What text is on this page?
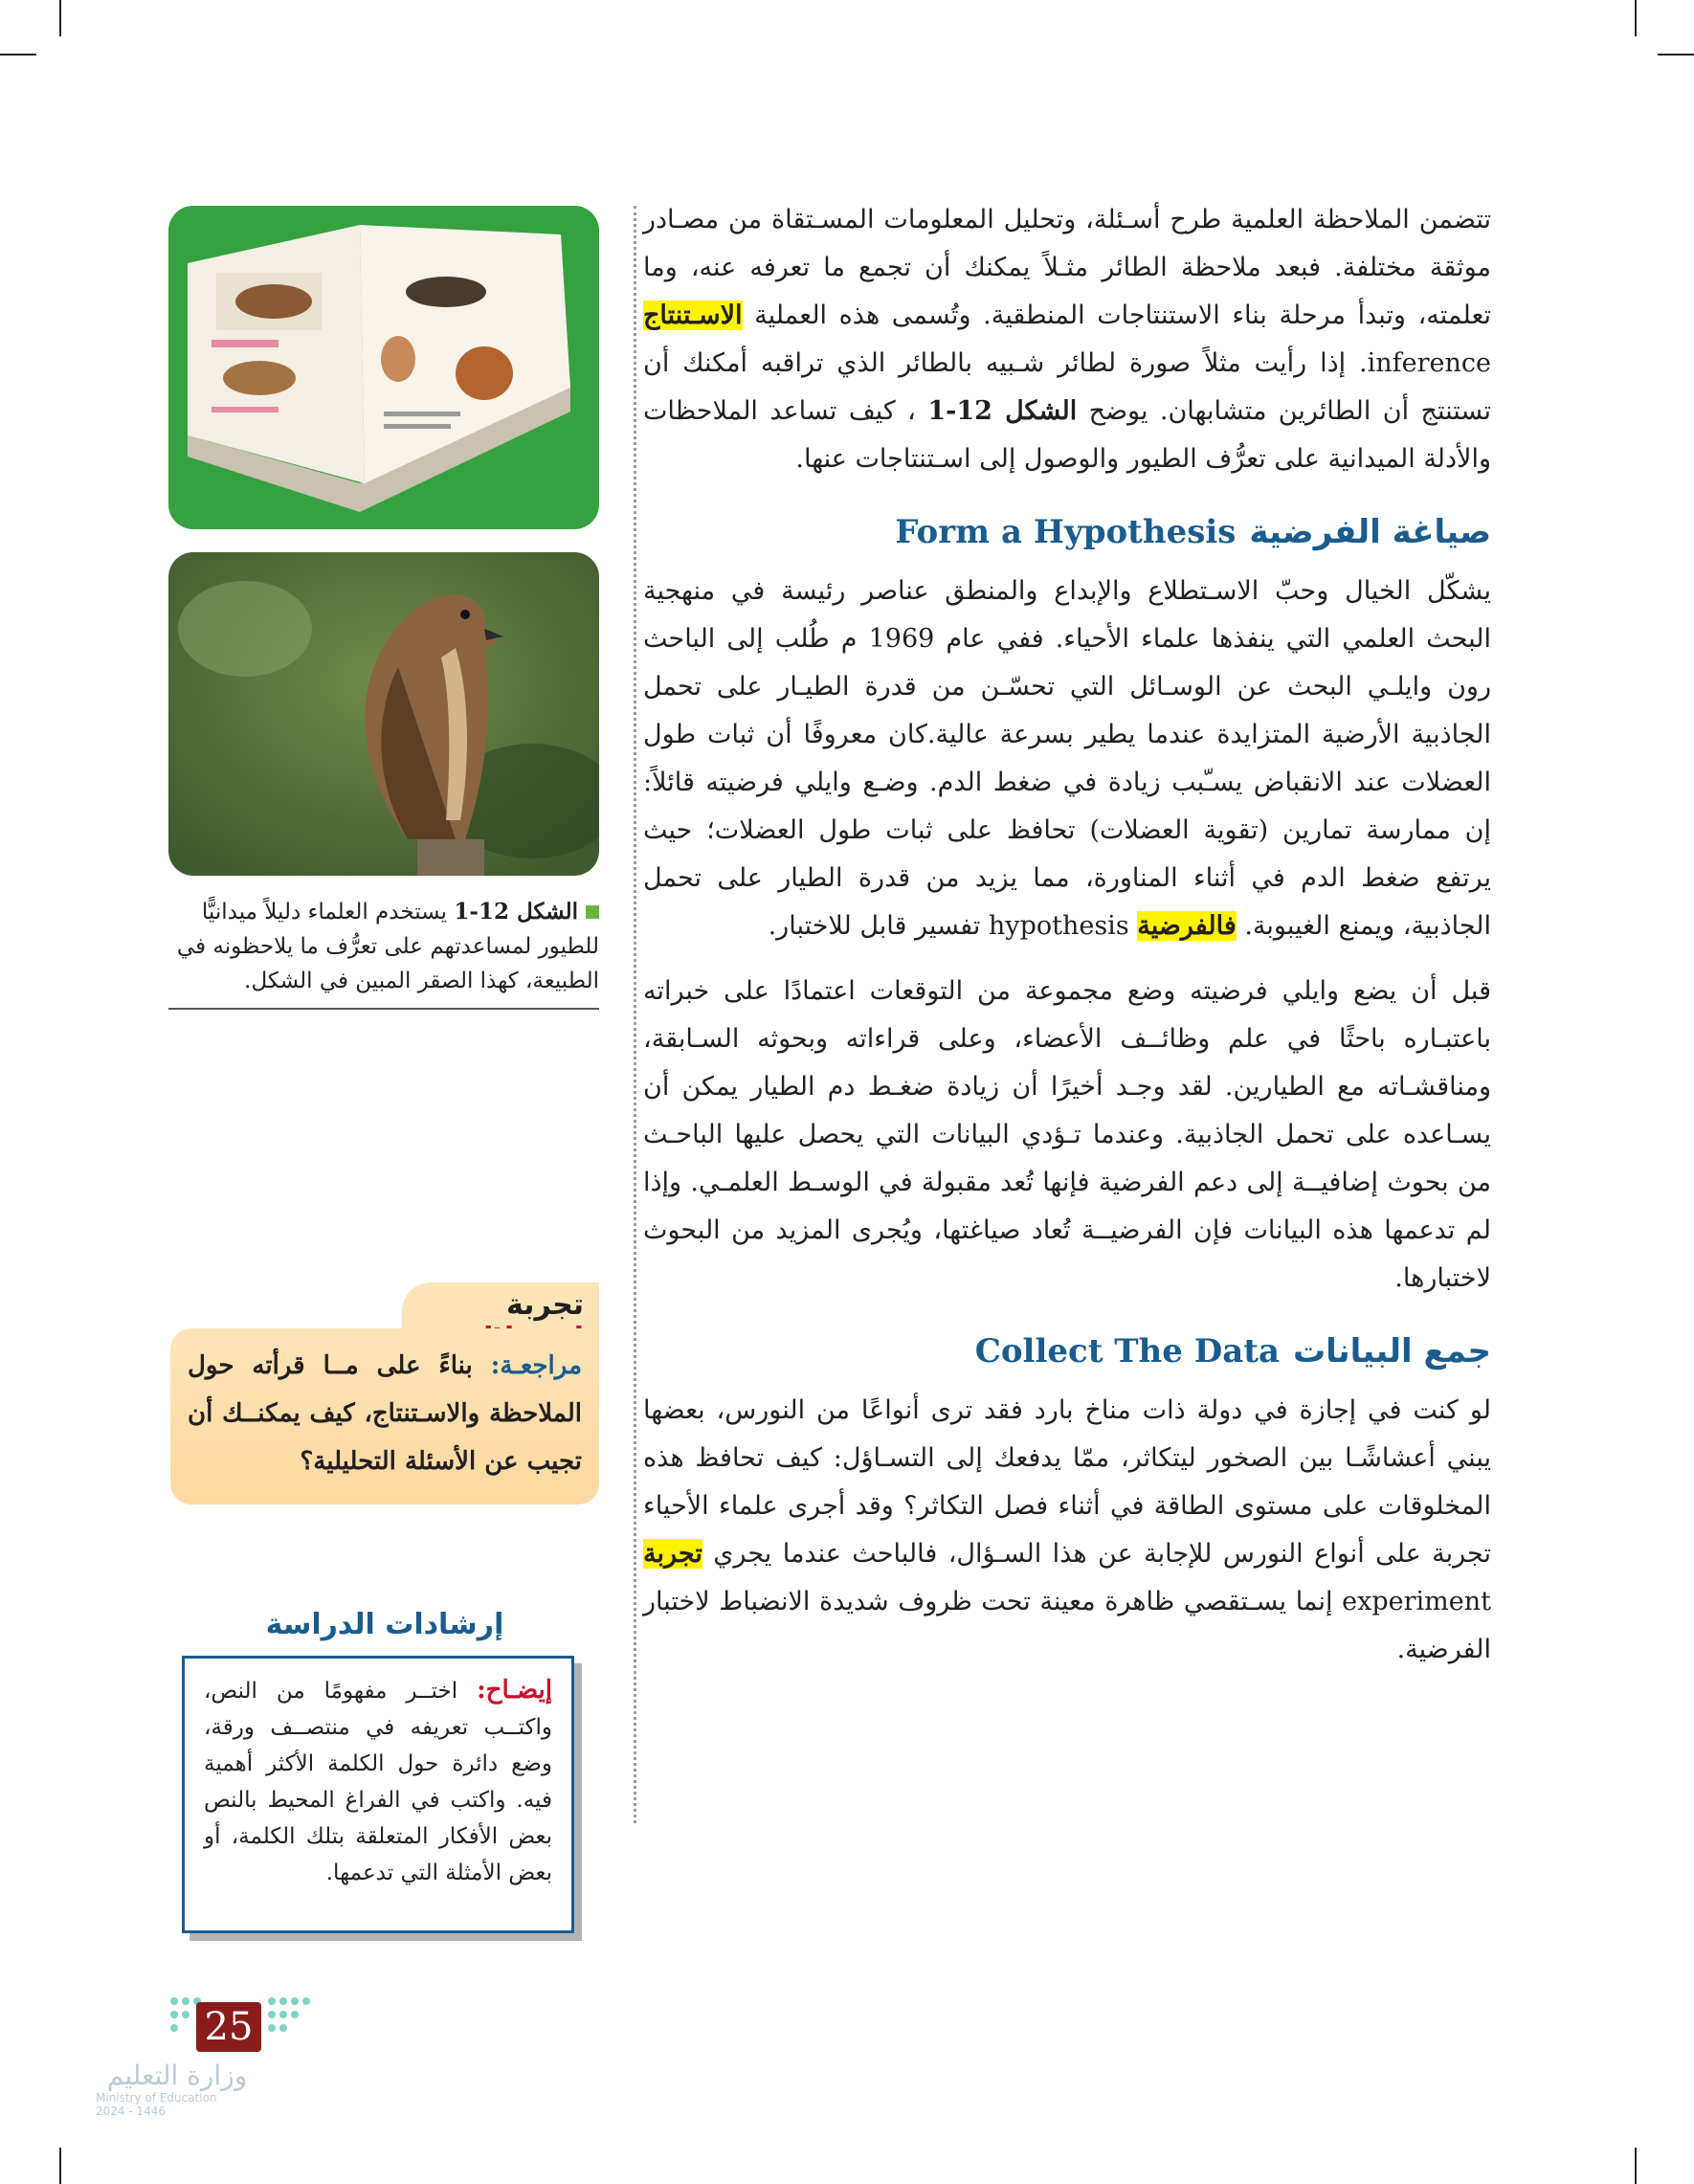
تتضمن الملاحظة العلمية طرح أسـئلة، وتحليل المعلومات المسـتقاة من مصـادر موثقة مختلفة. فبعد ملاحظة الطائر مثـلاً يمكنك أن تجمع ما تعرفه عنه، وما تعلمته، وتبدأ مرحلة بناء الاستنتاجات المنطقية. وتُسمى هذه العملية الاسـتنتاج inference. إذا رأيت مثلاً صورة لطائر شـبيه بالطائر الذي تراقبه أمكنك أن تستنتج أن الطائرين متشابهان. يوضح الشكل 12-1 ، كيف تساعد الملاحظات والأدلة الميدانية على تعرُّف الطيور والوصول إلى اسـتنتاجات عنها.

صياغة الفرضيةForm a Hypothesis

يشكّل الخيال وحبّ الاسـتطلاع والإبداع والمنطق عناصر رئيسة في منهجية البحث العلمي التي ينفذها علماء الأحياء. ففي عام 1969 م طُلب إلى الباحث رون وايلـي البحث عن الوسـائل التي تحسّـن من قدرة الطيـار على تحمل الجاذبية الأرضية المتزايدة عندما يطير بسرعة عالية.كان معروفًا أن ثبات طول العضلات عند الانقباض يسـّبب زيادة في ضغط الدم. وضـع وايلي فرضيته قائلاً: إن ممارسة تمارين (تقوية العضلات) تحافظ على ثبات طول العضلات؛ حيث يرتفع ضغط الدم في أثناء المناورة، مما يزيد من قدرة الطيار على تحمل الجاذبية، ويمنع الغيبوبة. فالفرضية hypothesis تفسير قابل للاختبار.

قبل أن يضع وايلي فرضيته وضع مجموعة من التوقعات اعتمادًا على خبراته باعتبـاره باحثًا في علم وظائــف الأعضاء، وعلى قراءاته وبحوثه السـابقة، ومناقشـاته مع الطيارين. لقد وجـد أخيرًا أن زيادة ضغـط دم الطيار يمكن أن يسـاعده على تحمل الجاذبية. وعندما تـؤدي البيانات التي يحصل عليها الباحـث من بحوث إضافيــة إلى دعم الفرضية فإنها تُعد مقبولة في الوسـط العلمـي. وإذا لم تدعمها هذه البيانات فإن الفرضيــة تُعاد صياغتها، ويُجرى المزيد من البحوث لاختبارها.

جمع البياناتCollect The Data

لو كنت في إجازة في دولة ذات مناخ بارد فقد ترى أنواعًا من النورس، بعضها يبني أعشاشًـا بين الصخور ليتكاثر، ممّا يدفعك إلى التسـاؤل: كيف تحافظ هذه المخلوقات على مستوى الطاقة في أثناء فصل التكاثر؟ وقد أجرى علماء الأحياء تجربة على أنواع النورس للإجابة عن هذا السـؤال، فالباحث عندما يجري تجربة experiment إنما يسـتقصي ظاهرة معينة تحت ظروف شديدة الانضباط لاختبار الفرضية.

الشكل 12-1 يستخدم العلماء دليلاً ميدانيًّا للطيور لمساعدتهم على تعرُّف ما يلاحظونه في الطبيعة، كهذا الصقر المبين في الشكل.
تجربة
مراجعـة: بناءً على مــا قرأته حول الملاحظة والاسـتنتاج، كيف يمكنــك أن تجيب عن الأسئلة التحليلية؟
إرشادات الدراسة
إيضـاح: اختــر مفهومًا من النص، واكتــب تعريفه في منتصــف ورقة، وضع دائرة حول الكلمة الأكثر أهمية فيه. واكتب في الفراغ المحيط بالنص بعض الأفكار المتعلقة بتلك الكلمة، أو بعض الأمثلة التي تدعمها.
25
وزارة التعليم
Ministry of Education
2024 - 1446
